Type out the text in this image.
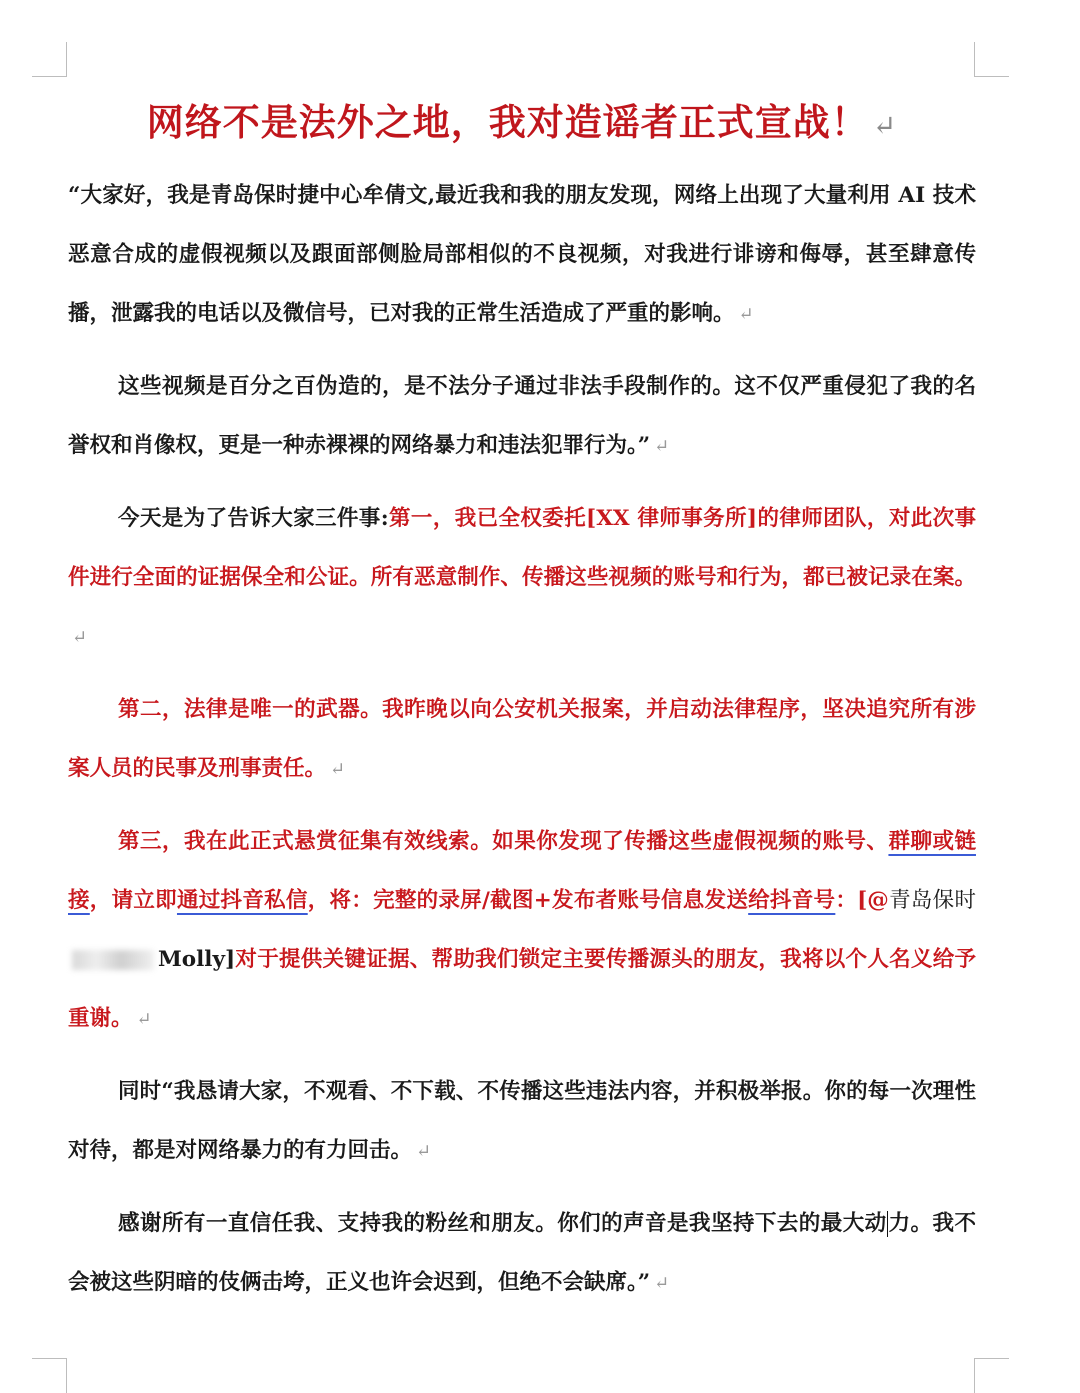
网络不是法外之地，我对造谣者正式宣战！ ↵

“大家好，我是青岛保时捷中心牟倩文,最近我和我的朋友发现，网络上出现了大量利用 AI 技术恶意合成的虚假视频以及跟面部侧脸局部相似的不良视频，对我进行诽谤和侮辱，甚至肆意传播，泄露我的电话以及微信号，已对我的正常生活造成了严重的影响。 ↵

这些视频是百分之百伪造的，是不法分子通过非法手段制作的。这不仅严重侵犯了我的名誉权和肖像权，更是一种赤裸裸的网络暴力和违法犯罪行为。” ↵

今天是为了告诉大家三件事:第一，我已全权委托[XX 律师事务所]的律师团队，对此次事件进行全面的证据保全和公证。所有恶意制作、传播这些视频的账号和行为，都已被记录在案。↵

第二，法律是唯一的武器。我昨晚以向公安机关报案，并启动法律程序，坚决追究所有涉案人员的民事及刑事责任。 ↵

第三，我在此正式悬赏征集有效线索。如果你发现了传播这些虚假视频的账号、群聊或链接，请立即通过抖音私信，将：完整的录屏/截图+发布者账号信息发送给抖音号：[@青岛保时Molly]对于提供关键证据、帮助我们锁定主要传播源头的朋友，我将以个人名义给予重谢。 ↵

同时“我恳请大家，不观看、不下载、不传播这些违法内容，并积极举报。你的每一次理性对待，都是对网络暴力的有力回击。 ↵

感谢所有一直信任我、支持我的粉丝和朋友。你们的声音是我坚持下去的最大动力。我不会被这些阴暗的伎俩击垮，正义也许会迟到，但绝不会缺席。” ↵
